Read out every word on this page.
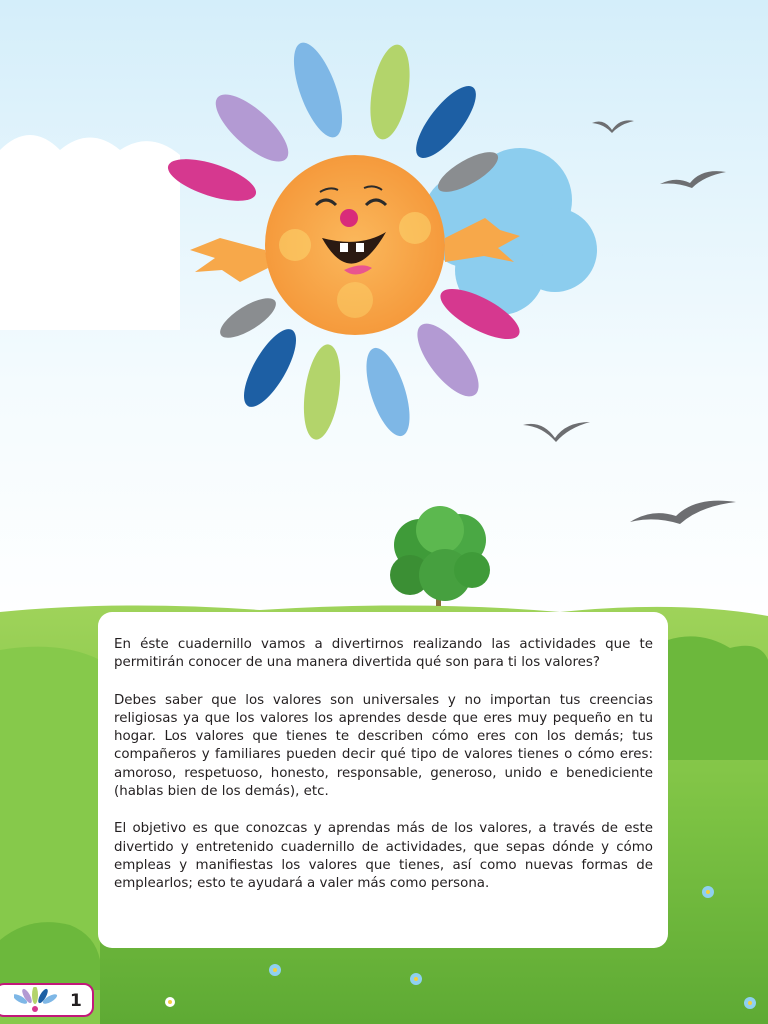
En éste cuadernillo vamos a divertirnos realizando las actividades que te permitirán conocer de una manera divertida qué son para ti los valores?

Debes saber que los valores son universales y no importan tus creencias religiosas ya que los valores los aprendes desde que eres muy pequeño en tu hogar. Los valores que tienes te describen cómo eres con los demás; tus compañeros y familiares pueden decir qué tipo de valores tienes o cómo eres: amoroso, respetuoso, honesto, responsable, generoso, unido e benediciente (hablas bien de los demás), etc.

El objetivo es que conozcas y aprendas más de los valores, a través de este divertido y entretenido cuadernillo de actividades, que sepas dónde y cómo empleas y manifiestas los valores que tienes, así como nuevas formas de emplearlos; esto te ayudará a valer más como persona.

1
